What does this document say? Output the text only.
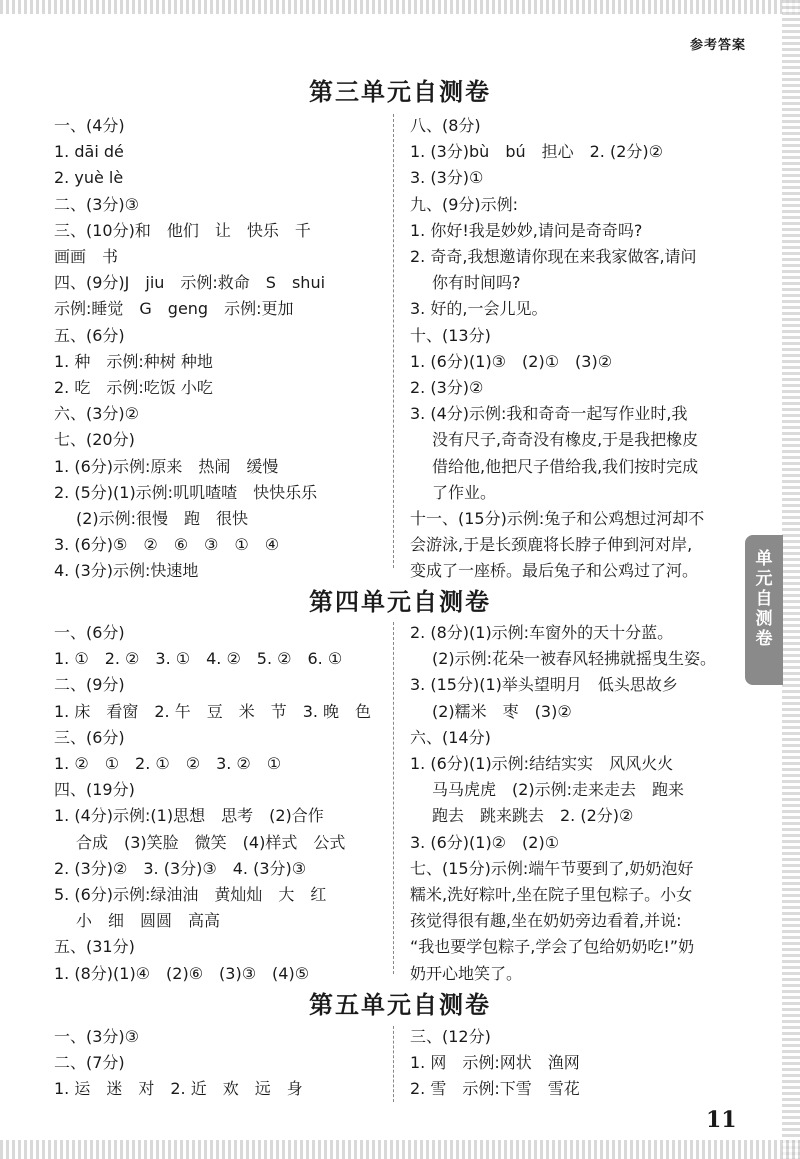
参考答案
单元自测卷
第三单元自测卷
一、(4分)
1. dāi dé
2. yuè lè
二、(3分)③
三、(10分)和　他们　让　快乐　千
画画　书
四、(9分)J　jiu　示例:救命　S　shui
示例:睡觉　G　geng　示例:更加
五、(6分)
1. 种　示例:种树 种地
2. 吃　示例:吃饭 小吃
六、(3分)②
七、(20分)
1. (6分)示例:原来　热闹　缓慢
2. (5分)(1)示例:叽叽喳喳　快快乐乐
(2)示例:很慢　跑　很快
3. (6分)⑤　②　⑥　③　①　④
4. (3分)示例:快速地
八、(8分)
1. (3分)bù　bú　担心　2. (2分)②
3. (3分)①
九、(9分)示例:
1. 你好!我是妙妙,请问是奇奇吗?
2. 奇奇,我想邀请你现在来我家做客,请问
你有时间吗?
3. 好的,一会儿见。
十、(13分)
1. (6分)(1)③　(2)①　(3)②
2. (3分)②
3. (4分)示例:我和奇奇一起写作业时,我
没有尺子,奇奇没有橡皮,于是我把橡皮
借给他,他把尺子借给我,我们按时完成
了作业。
十一、(15分)示例:兔子和公鸡想过河却不
会游泳,于是长颈鹿将长脖子伸到河对岸,
变成了一座桥。最后兔子和公鸡过了河。
第四单元自测卷
一、(6分)
1. ①　2. ②　3. ①　4. ②　5. ②　6. ①
二、(9分)
1. 床　看窗　2. 午　豆　米　节　3. 晚　色
三、(6分)
1. ②　①　2. ①　②　3. ②　①
四、(19分)
1. (4分)示例:(1)思想　思考　(2)合作
合成　(3)笑脸　微笑　(4)样式　公式
2. (3分)②　3. (3分)③　4. (3分)③
5. (6分)示例:绿油油　黄灿灿　大　红
小　细　圆圆　高高
五、(31分)
1. (8分)(1)④　(2)⑥　(3)③　(4)⑤
2. (8分)(1)示例:车窗外的天十分蓝。
(2)示例:花朵一被春风轻拂就摇曳生姿。
3. (15分)(1)举头望明月　低头思故乡
(2)糯米　枣　(3)②
六、(14分)
1. (6分)(1)示例:结结实实　风风火火
马马虎虎　(2)示例:走来走去　跑来
跑去　跳来跳去　2. (2分)②
3. (6分)(1)②　(2)①
七、(15分)示例:端午节要到了,奶奶泡好
糯米,洗好粽叶,坐在院子里包粽子。小女
孩觉得很有趣,坐在奶奶旁边看着,并说:
“我也要学包粽子,学会了包给奶奶吃!”奶
奶开心地笑了。
第五单元自测卷
一、(3分)③
二、(7分)
1. 运　迷　对　2. 近　欢　远　身
三、(12分)
1. 网　示例:网状　渔网
2. 雪　示例:下雪　雪花
11
